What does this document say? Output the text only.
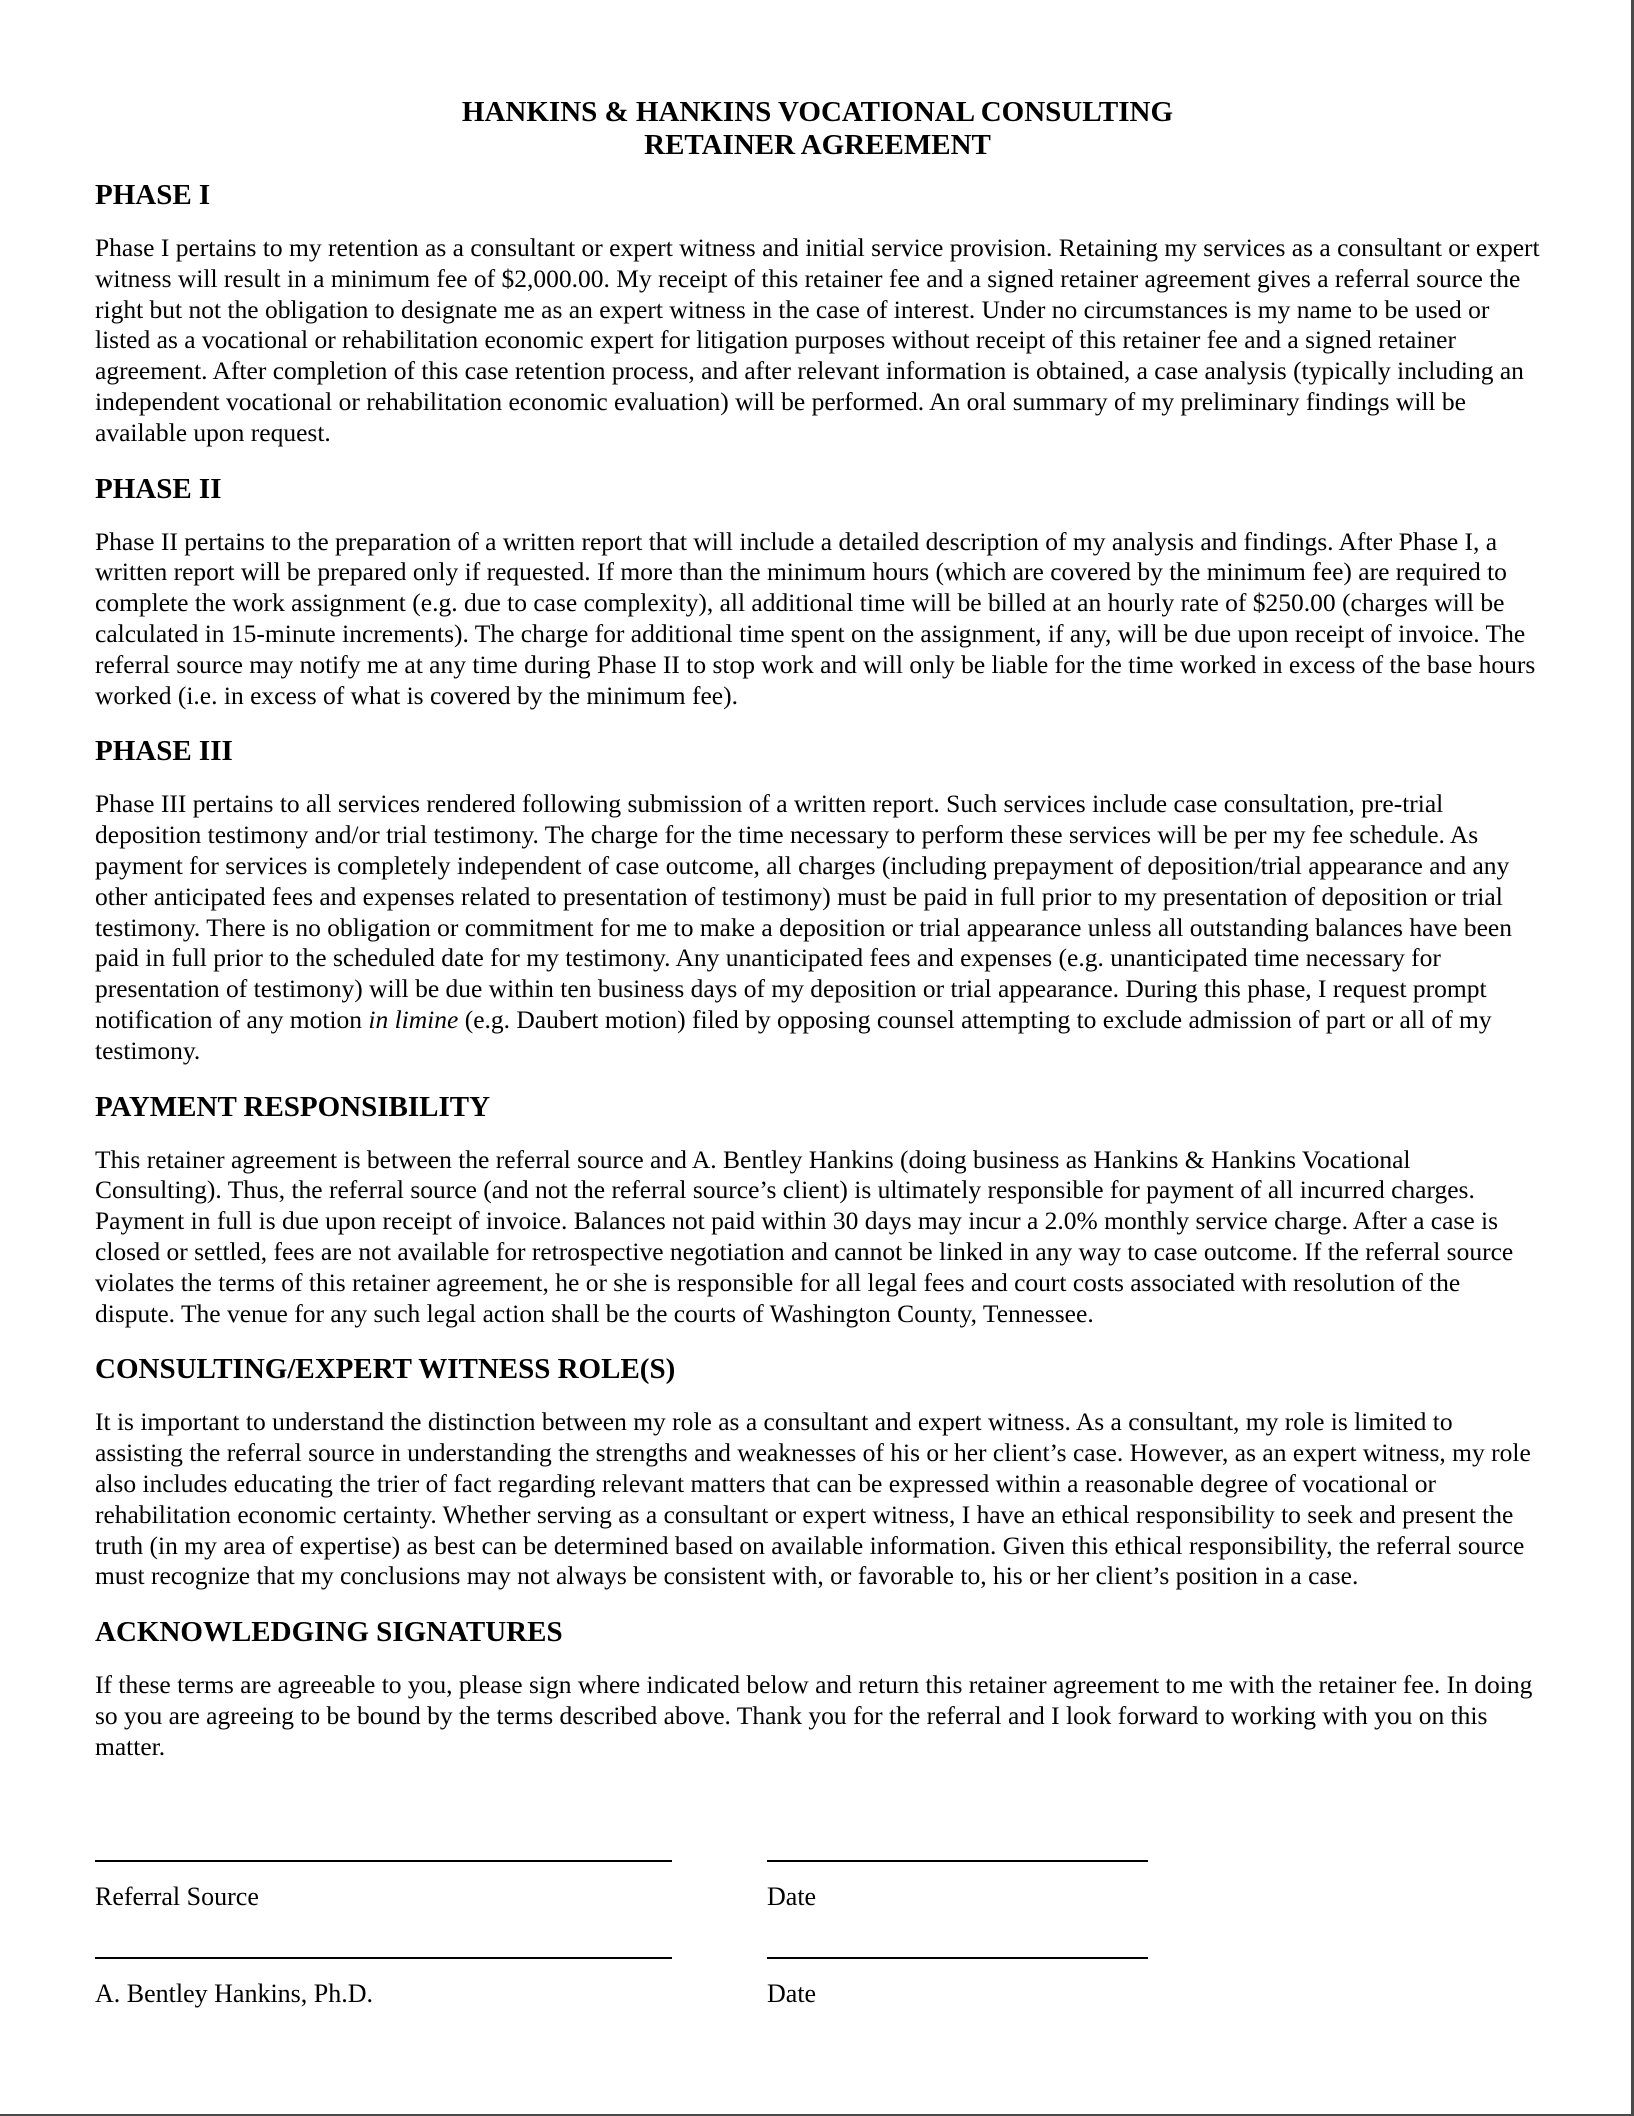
HANKINS & HANKINS VOCATIONAL CONSULTING
RETAINER AGREEMENT
PHASE I

Phase I pertains to my retention as a consultant or expert witness and initial service provision. Retaining my services as a consultant or expert witness will result in a minimum fee of $2,000.00. My receipt of this retainer fee and a signed retainer agreement gives a referral source the right but not the obligation to designate me as an expert witness in the case of interest. Under no circumstances is my name to be used or listed as a vocational or rehabilitation economic expert for litigation purposes without receipt of this retainer fee and a signed retainer agreement. After completion of this case retention process, and after relevant information is obtained, a case analysis (typically including an independent vocational or rehabilitation economic evaluation) will be performed. An oral summary of my preliminary findings will be available upon request.

PHASE II

Phase II pertains to the preparation of a written report that will include a detailed description of my analysis and findings. After Phase I, a written report will be prepared only if requested. If more than the minimum hours (which are covered by the minimum fee) are required to complete the work assignment (e.g. due to case complexity), all additional time will be billed at an hourly rate of $250.00 (charges will be calculated in 15-minute increments). The charge for additional time spent on the assignment, if any, will be due upon receipt of invoice. The referral source may notify me at any time during Phase II to stop work and will only be liable for the time worked in excess of the base hours worked (i.e. in excess of what is covered by the minimum fee).

PHASE III

Phase III pertains to all services rendered following submission of a written report. Such services include case consultation, pre-trial deposition testimony and/or trial testimony. The charge for the time necessary to perform these services will be per my fee schedule. As payment for services is completely independent of case outcome, all charges (including prepayment of deposition/trial appearance and any other anticipated fees and expenses related to presentation of testimony) must be paid in full prior to my presentation of deposition or trial testimony. There is no obligation or commitment for me to make a deposition or trial appearance unless all outstanding balances have been paid in full prior to the scheduled date for my testimony. Any unanticipated fees and expenses (e.g. unanticipated time necessary for presentation of testimony) will be due within ten business days of my deposition or trial appearance. During this phase, I request prompt notification of any motion in limine (e.g. Daubert motion) filed by opposing counsel attempting to exclude admission of part or all of my testimony.

PAYMENT RESPONSIBILITY

This retainer agreement is between the referral source and A. Bentley Hankins (doing business as Hankins & Hankins Vocational Consulting). Thus, the referral source (and not the referral source’s client) is ultimately responsible for payment of all incurred charges. Payment in full is due upon receipt of invoice. Balances not paid within 30 days may incur a 2.0% monthly service charge. After a case is closed or settled, fees are not available for retrospective negotiation and cannot be linked in any way to case outcome. If the referral source violates the terms of this retainer agreement, he or she is responsible for all legal fees and court costs associated with resolution of the dispute. The venue for any such legal action shall be the courts of Washington County, Tennessee.

CONSULTING/EXPERT WITNESS ROLE(S)

It is important to understand the distinction between my role as a consultant and expert witness. As a consultant, my role is limited to assisting the referral source in understanding the strengths and weaknesses of his or her client’s case. However, as an expert witness, my role also includes educating the trier of fact regarding relevant matters that can be expressed within a reasonable degree of vocational or rehabilitation economic certainty. Whether serving as a consultant or expert witness, I have an ethical responsibility to seek and present the truth (in my area of expertise) as best can be determined based on available information. Given this ethical responsibility, the referral source must recognize that my conclusions may not always be consistent with, or favorable to, his or her client’s position in a case.

ACKNOWLEDGING SIGNATURES

If these terms are agreeable to you, please sign where indicated below and return this retainer agreement to me with the retainer fee. In doing so you are agreeing to be bound by the terms described above. Thank you for the referral and I look forward to working with you on this matter.

Referral Source	Date
A. Bentley Hankins, Ph.D.	Date
